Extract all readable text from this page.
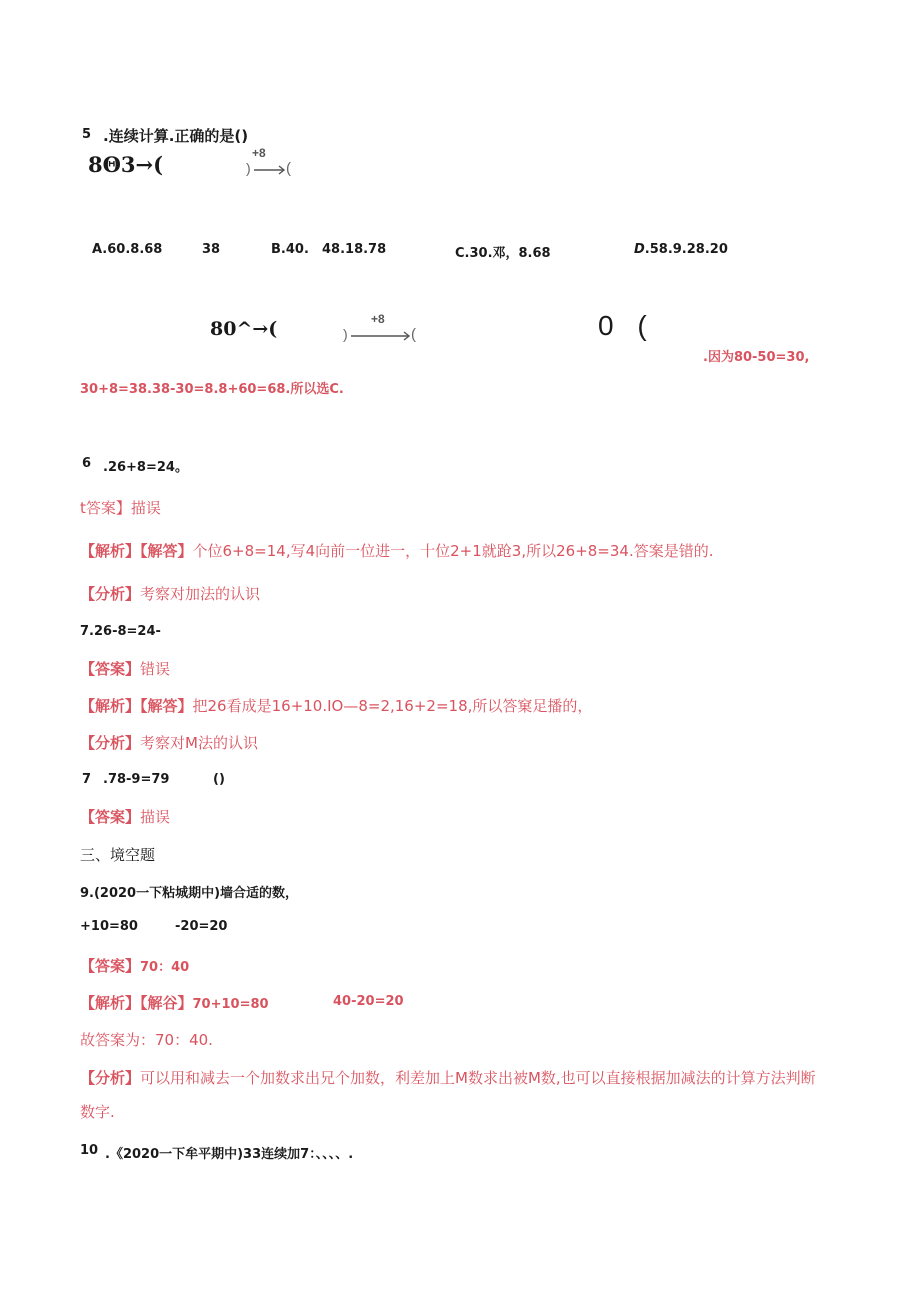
5 .连续计算.正确的是()
8Θ3→(	)
+8
(
A.60.8.68	38	B.40. 48.18.78	C.30.邓，8.68	D.58.9.28.20
80^→(	)
+8
(	0 (
.因为80-50=30,
30+8=38.38-30=8.8+60=68.所以选C.
6 .26+8=24。
t答案】描误
【解析】【解答】个位6+8=14,写4向前一位进一，十位2+1就跄3,所以26+8=34.答案是错的.
【分析】考察对加法的认识
7.26-8=24-
【答案】错误
【解析】【解答】把26看成是16+10.IO—8=2,16+2=18,所以答窠足播的，
【分析】考察对M法的认识
7 .78-9=79	()
【答案】描误
三、境空题
9.(2020一下粘城期中)墙合适的数，
+10=80	-20=20
【答案】70：40
【解析】【解谷】70+10=80	40-20=20
故答案为：70：40.
【分析】可以用和减去一个加数求出兄个加数，利差加上M数求出被M数,也可以直接根据加减法的计算方法判断
数字.
10 .《2020一下牟平期中)33连续加7：、、、、.
